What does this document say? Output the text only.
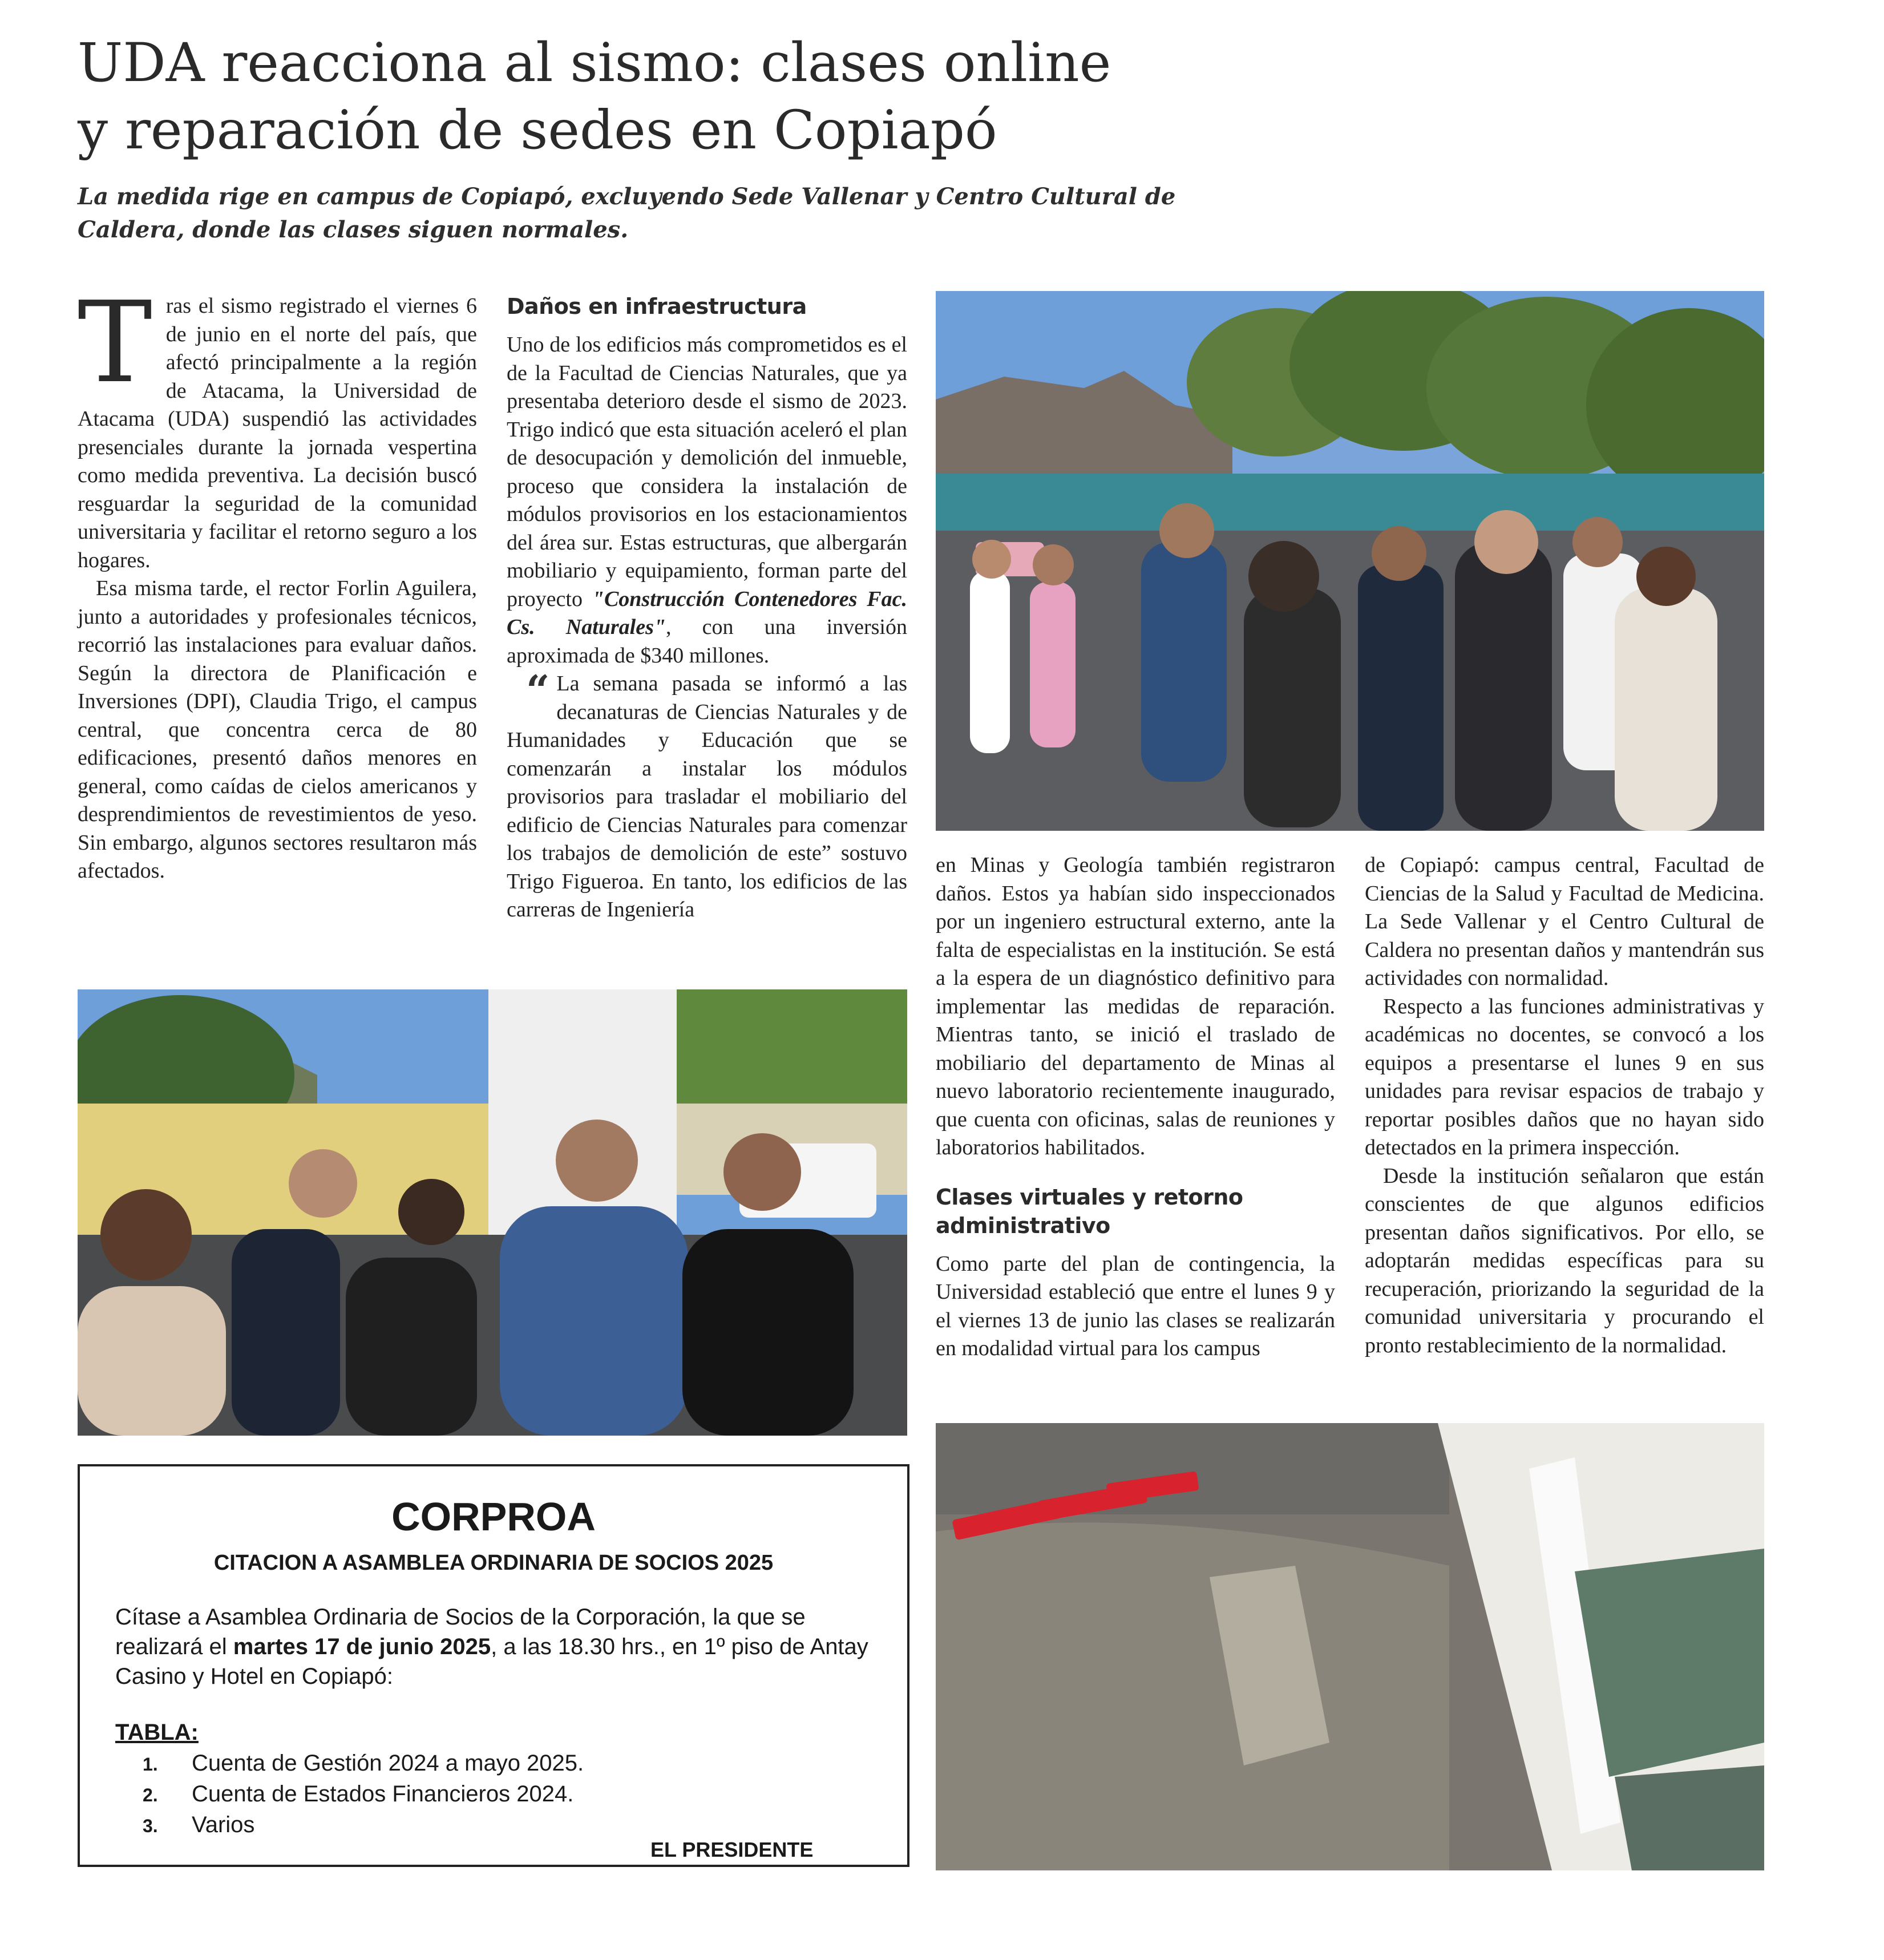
UDA reacciona al sismo: clases online
y reparación de sedes en Copiapó
La medida rige en campus de Copiapó, excluyendo Sede Vallenar y Centro Cultural de
Caldera, donde las clases siguen normales.

Tras el sismo registrado el viernes 6 de junio en el norte del país, que afectó principalmente a la región de Atacama, la Universidad de Atacama (UDA) suspendió las actividades presenciales durante la jornada vespertina como medida preventiva. La decisión buscó resguardar la seguridad de la comunidad universitaria y facilitar el retorno seguro a los hogares.

Esa misma tarde, el rector Forlin Aguilera, junto a autoridades y profesionales técnicos, recorrió las instalaciones para evaluar daños. Según la directora de Planificación e Inversiones (DPI), Claudia Trigo, el campus central, que concentra cerca de 80 edificaciones, presentó daños menores en general, como caídas de cielos americanos y desprendimientos de revestimientos de yeso. Sin embargo, algunos sectores resultaron más afectados.

Daños en infraestructura

Uno de los edificios más comprometidos es el de la Facultad de Ciencias Naturales, que ya presentaba deterioro desde el sismo de 2023. Trigo indicó que esta situación aceleró el plan de desocupación y demolición del inmueble, proceso que considera la instalación de módulos provisorios en los estacionamientos del área sur. Estas estructuras, que albergarán mobiliario y equipamiento, forman parte del proyecto "Construcción Contenedores Fac. Cs. Naturales", con una inversión aproximada de $340 millones.

“ La semana pasada se informó a las decanaturas de Ciencias Naturales y de Humanidades y Educación que se comenzarán a instalar los módulos provisorios para trasladar el mobiliario del edificio de Ciencias Naturales para comenzar los trabajos de demolición de este” sostuvo Trigo Figueroa. En tanto, los edificios de las carreras de Ingeniería

en Minas y Geología también registraron daños. Estos ya habían sido inspeccionados por un ingeniero estructural externo, ante la falta de especialistas en la institución. Se está a la espera de un diagnóstico definitivo para implementar las medidas de reparación. Mientras tanto, se inició el traslado de mobiliario del departamento de Minas al nuevo laboratorio recientemente inaugurado, que cuenta con oficinas, salas de reuniones y laboratorios habilitados.

Clases virtuales y retorno administrativo

Como parte del plan de contingencia, la Universidad estableció que entre el lunes 9 y el viernes 13 de junio las clases se realizarán en modalidad virtual para los campus

de Copiapó: campus central, Facultad de Ciencias de la Salud y Facultad de Medicina. La Sede Vallenar y el Centro Cultural de Caldera no presentan daños y mantendrán sus actividades con normalidad.

Respecto a las funciones administrativas y académicas no docentes, se convocó a los equipos a presentarse el lunes 9 en sus unidades para revisar espacios de trabajo y reportar posibles daños que no hayan sido detectados en la primera inspección.

Desde la institución señalaron que están conscientes de que algunos edificios presentan daños significativos. Por ello, se adoptarán medidas específicas para su recuperación, priorizando la seguridad de la comunidad universitaria y procurando el pronto restablecimiento de la normalidad.

CORPROA
CITACION A ASAMBLEA ORDINARIA DE SOCIOS 2025
Cítase a Asamblea Ordinaria de Socios de la Corporación, la que se realizará el martes 17 de junio 2025, a las 18.30 hrs., en 1º piso de Antay Casino y Hotel en Copiapó:
TABLA:
1. Cuenta de Gestión 2024 a mayo 2025.
2. Cuenta de Estados Financieros 2024.
3. Varios
EL PRESIDENTE
